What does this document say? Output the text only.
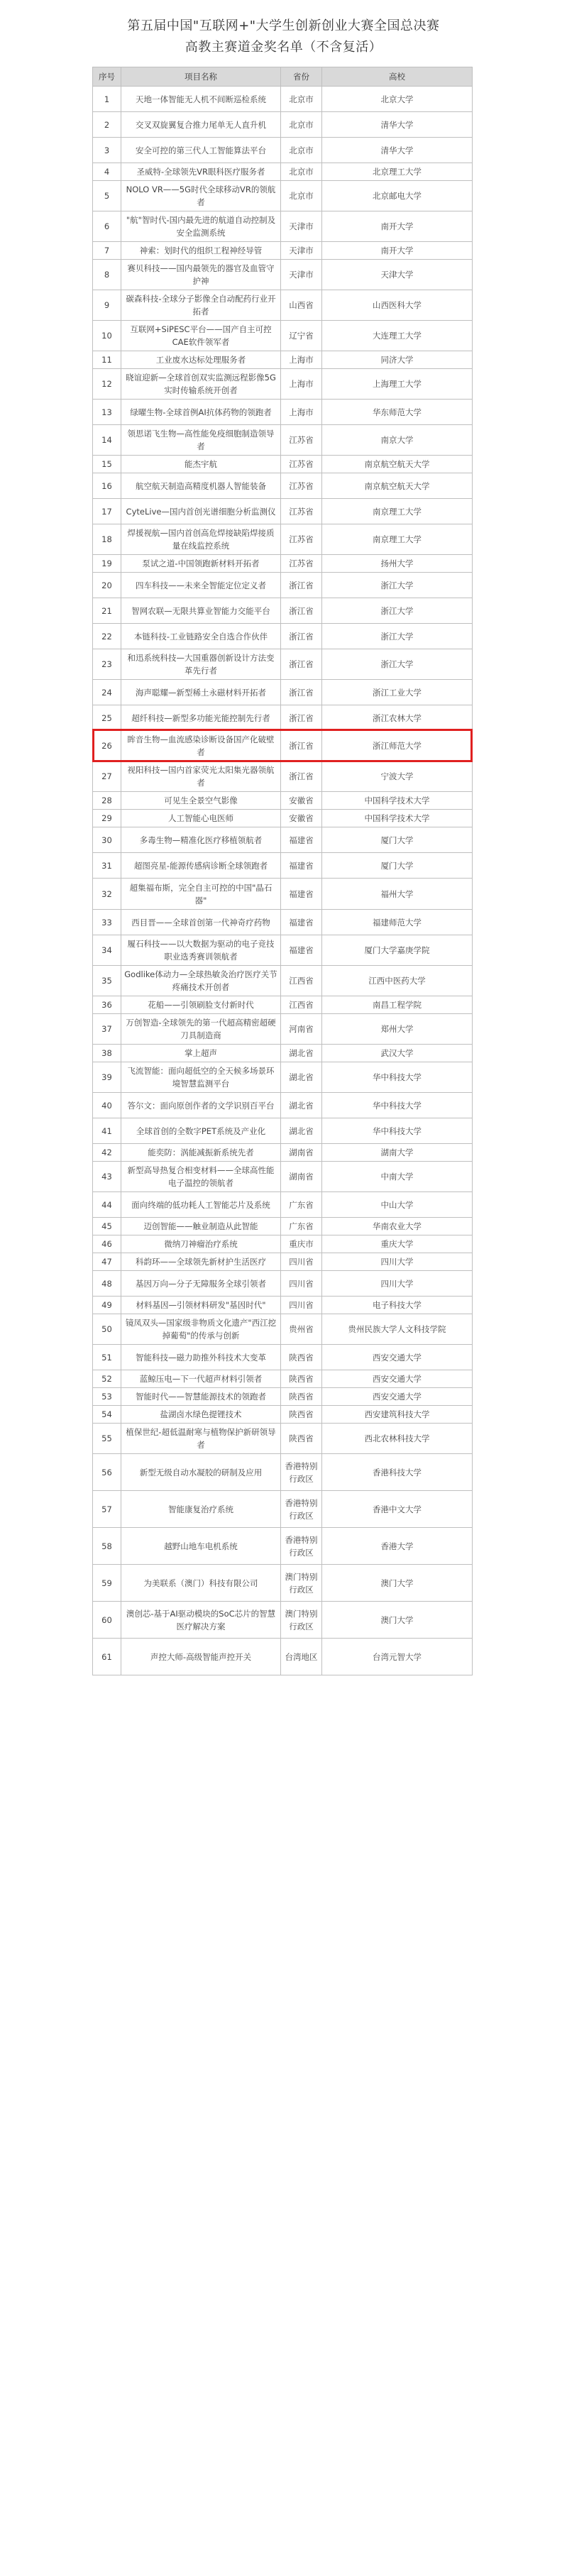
第五届中国"互联网+"大学生创新创业大赛全国总决赛
高教主赛道金奖名单（不含复活）
序号	项目名称	省份	高校
1	天地一体智能无人机不间断巡检系统	北京市	北京大学
2	交叉双旋翼复合推力尾单无人直升机	北京市	清华大学
3	安全可控的第三代人工智能算法平台	北京市	清华大学
4	圣威特-全球领先VR眼科医疗服务者	北京市	北京理工大学
5	NOLO VR——5G时代全球移动VR的领航者	北京市	北京邮电大学
6	"航"智时代-国内最先进的航道自动控制及安全监测系统	天津市	南开大学
7	神索：划时代的组织工程神经导管	天津市	南开大学
8	赛贝科技——国内最领先的器官及血管守护神	天津市	天津大学
9	碳森科技-全球分子影像全自动配药行业开拓者	山西省	山西医科大学
10	互联网+SiPESC平台——国产自主可控CAE软件领军者	辽宁省	大连理工大学
11	工业废水达标处理服务者	上海市	同济大学
12	晓谊迎新—全球首创双实监测远程影像5G实时传输系统开创者	上海市	上海理工大学
13	绿曜生物-全球首例AI抗体药物的领跑者	上海市	华东师范大学
14	领思诺飞生物—高性能免疫细胞制造领导者	江苏省	南京大学
15	能杰宇航	江苏省	南京航空航天大学
16	航空航天制造高精度机器人智能装备	江苏省	南京航空航天大学
17	CyteLive—国内首创光谱细胞分析监测仪	江苏省	南京理工大学
18	焊援视航—国内首创高危焊接缺陷焊接质量在线监控系统	江苏省	南京理工大学
19	泵试之道-中国领跑新材料开拓者	江苏省	扬州大学
20	四车科技——未来全智能定位定义者	浙江省	浙江大学
21	智网农联—无限共算业智能力交能平台	浙江省	浙江大学
22	本链科技-工业链路安全自选合作伙伴	浙江省	浙江大学
23	和迅系统科技—大国重器创新设计方法变革先行者	浙江省	浙江大学
24	海声聪耀—新型稀土永磁材料开拓者	浙江省	浙江工业大学
25	超纤科技—新型多功能光能控制先行者	浙江省	浙江农林大学
26	眸音生物—血流感染诊断设备国产化破壁者	浙江省	浙江师范大学
27	视阳科技—国内首家荧光太阳集光器领航者	浙江省	宁波大学
28	可见生全景空气影像	安徽省	中国科学技术大学
29	人工智能心电医师	安徽省	中国科学技术大学
30	多毒生物—精准化医疗移植领航者	福建省	厦门大学
31	超图亮星-能源传感病诊断全球领跑者	福建省	厦门大学
32	超集福布斯，完全自主可控的中国"晶石器"	福建省	福州大学
33	西目晋——全球首创第一代神奇疗药物	福建省	福建师范大学
34	履石科技——以大数据为驱动的电子竞技职业选秀赛训领航者	福建省	厦门大学嘉庚学院
35	Godlike体动力—全球热敏灸治疗医疗关节疼痛技术开创者	江西省	江西中医药大学
36	花船——引领刷脸支付新时代	江西省	南昌工程学院
37	万创智造-全球领先的第一代超高精密超硬刀具制造商	河南省	郑州大学
38	掌上超声	湖北省	武汉大学
39	飞流智能：面向超低空的全天候多场景环境智慧监测平台	湖北省	华中科技大学
40	答尔文：面向原创作者的文学识别百平台	湖北省	华中科技大学
41	全球首创的全数字PET系统及产业化	湖北省	华中科技大学
42	能奕防：涡能减振新系统先者	湖南省	湖南大学
43	新型高导热复合相变材料——全球高性能电子温控的领航者	湖南省	中南大学
44	面向终端的低功耗人工智能芯片及系统	广东省	中山大学
45	迈创智能——触业制造从此智能	广东省	华南农业大学
46	微纳刀神瘤治疗系统	重庆市	重庆大学
47	科韵环——全球领先新材护生活医疗	四川省	四川大学
48	基因万向—分子无障服务全球引领者	四川省	四川大学
49	材料基因—引领材料研发"基因时代"	四川省	电子科技大学
50	镜凤双头—国家级非物质文化遗产"西江挖掉葡萄"的传承与创新	贵州省	贵州民族大学人文科技学院
51	智能科技—磁力助推外科技术大变革	陕西省	西安交通大学
52	蓝鲸压电—下一代超声材料引领者	陕西省	西安交通大学
53	智能时代——智慧能源技术的领跑者	陕西省	西安交通大学
54	盐湖卤水绿色提锂技术	陕西省	西安建筑科技大学
55	植保世纪-超低温耐寒与植物保护新研领导者	陕西省	西北农林科技大学
56	新型无级自动水凝胶的研制及应用	香港特别行政区	香港科技大学
57	智能康复治疗系统	香港特别行政区	香港中文大学
58	越野山地车电机系统	香港特别行政区	香港大学
59	为美联系（澳门）科技有限公司	澳门特别行政区	澳门大学
60	澳创芯-基于AI驱动模块的SoC芯片的智慧医疗解决方案	澳门特别行政区	澳门大学
61	声控大师-高级智能声控开关	台湾地区	台湾元智大学
